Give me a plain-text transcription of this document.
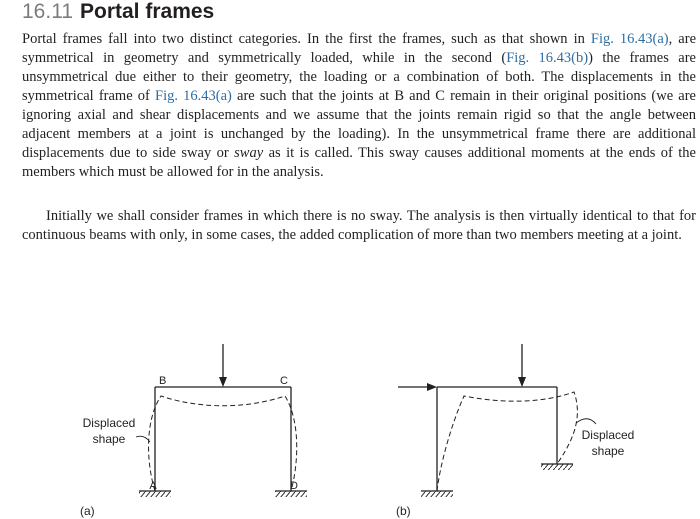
16.11 Portal frames

Portal frames fall into two distinct categories. In the first the frames, such as that shown in Fig. 16.43(a), are symmetrical in geometry and symmetrically loaded, while in the second (Fig. 16.43(b)) the frames are unsymmetrical due either to their geometry, the loading or a combination of both. The displacements in the symmetrical frame of Fig. 16.43(a) are such that the joints at B and C remain in their original positions (we are ignoring axial and shear displacements and we assume that the joints remain rigid so that the angle between adjacent members at a joint is unchanged by the loading). In the unsymmetrical frame there are additional displacements due to side sway or sway as it is called. This sway causes additional moments at the ends of the members which must be allowed for in the analysis.

Initially we shall consider frames in which there is no sway. The analysis is then virtually identical to that for continuous beams with only, in some cases, the added complication of more than two members meeting at a joint.

B	C
A	D
Displaced
shape
(a)
Displaced
shape
(b)
